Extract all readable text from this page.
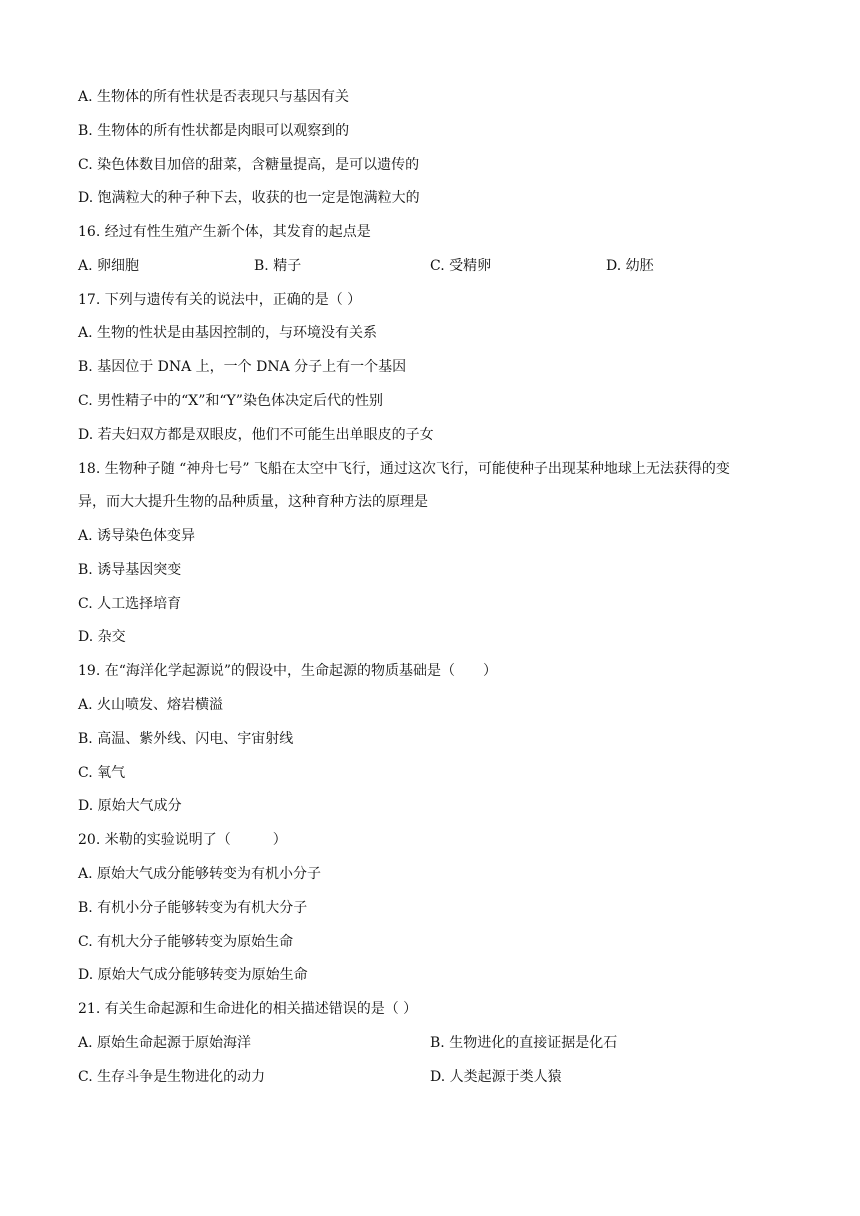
A. 生物体的所有性状是否表现只与基因有关
B. 生物体的所有性状都是肉眼可以观察到的
C. 染色体数目加倍的甜菜，含糖量提高，是可以遗传的
D. 饱满粒大的种子种下去，收获的也一定是饱满粒大的
16. 经过有性生殖产生新个体，其发育的起点是
A. 卵细胞	B. 精子	C. 受精卵	D. 幼胚
17. 下列与遗传有关的说法中，正确的是（ ）
A. 生物的性状是由基因控制的，与环境没有关系
B. 基因位于 DNA 上，一个 DNA 分子上有一个基因
C. 男性精子中的“X”和“Y”染色体决定后代的性别
D. 若夫妇双方都是双眼皮，他们不可能生出单眼皮的子女
18. 生物种子随 “神舟七号” 飞船在太空中飞行，通过这次飞行，可能使种子出现某种地球上无法获得的变
异，而大大提升生物的品种质量，这种育种方法的原理是
A. 诱导染色体变异
B. 诱导基因突变
C. 人工选择培育
D. 杂交
19. 在“海洋化学起源说”的假设中，生命起源的物质基础是（　　）
A. 火山喷发、熔岩横溢
B. 高温、紫外线、闪电、宇宙射线
C. 氧气
D. 原始大气成分
20. 米勒的实验说明了（　　　）
A. 原始大气成分能够转变为有机小分子
B. 有机小分子能够转变为有机大分子
C. 有机大分子能够转变为原始生命
D. 原始大气成分能够转变为原始生命
21. 有关生命起源和生命进化的相关描述错误的是（ ）
A. 原始生命起源于原始海洋	B. 生物进化的直接证据是化石
C. 生存斗争是生物进化的动力	D. 人类起源于类人猿
